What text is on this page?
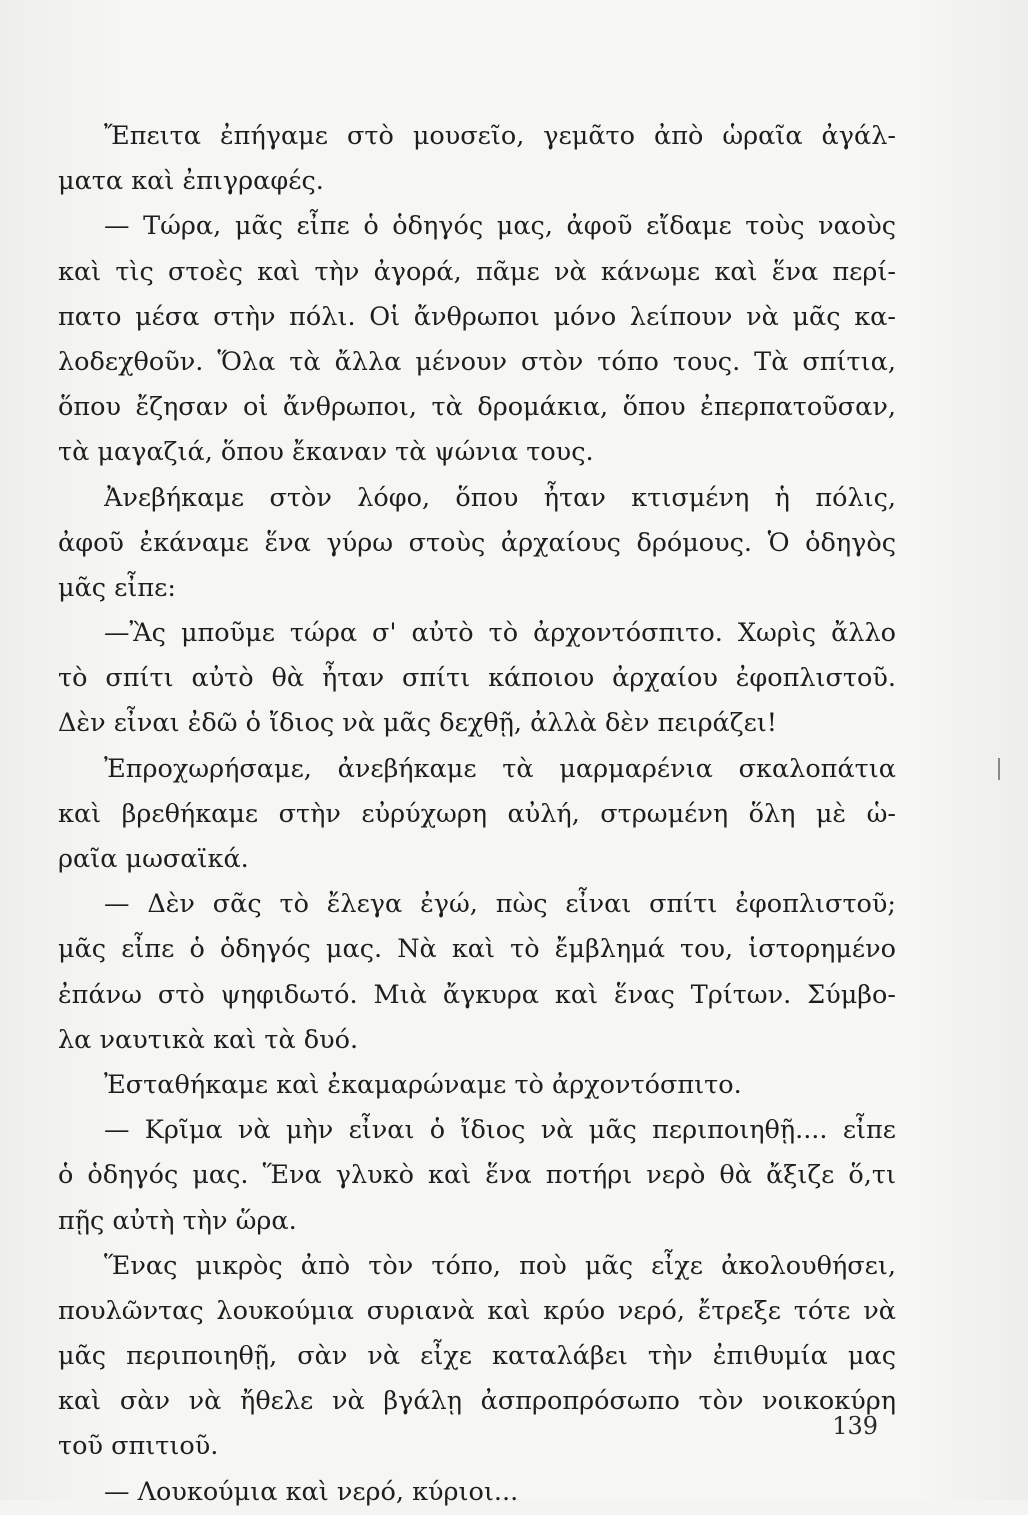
Ἔπειτα ἐπήγαμε στὸ μουσεῖο, γεμᾶτο ἀπὸ ὡραῖα ἀγάλ-
ματα καὶ ἐπιγραφές.
— Τώρα, μᾶς εἶπε ὁ ὁδηγός μας, ἀφοῦ εἴδαμε τοὺς ναοὺς
καὶ τὶς στοὲς καὶ τὴν ἀγορά, πᾶμε νὰ κάνωμε καὶ ἕνα περί-
πατο μέσα στὴν πόλι. Οἱ ἄνθρωποι μόνο λείπουν νὰ μᾶς κα-
λοδεχθοῦν. Ὅλα τὰ ἄλλα μένουν στὸν τόπο τους. Τὰ σπίτια,
ὅπου ἔζησαν οἱ ἄνθρωποι, τὰ δρομάκια, ὅπου ἐπερπατοῦσαν,
τὰ μαγαζιά, ὅπου ἔκαναν τὰ ψώνια τους.
Ἀνεβήκαμε στὸν λόφο, ὅπου ἦταν κτισμένη ἡ πόλις,
ἀφοῦ ἐκάναμε ἕνα γύρω στοὺς ἀρχαίους δρόμους. Ὁ ὁδηγὸς
μᾶς εἶπε:
—Ἂς μποῦμε τώρα σ' αὐτὸ τὸ ἀρχοντόσπιτο. Χωρὶς ἄλλο
τὸ σπίτι αὐτὸ θὰ ἦταν σπίτι κάποιου ἀρχαίου ἐφοπλιστοῦ.
Δὲν εἶναι ἐδῶ ὁ ἴδιος νὰ μᾶς δεχθῇ, ἀλλὰ δὲν πειράζει!
Ἐπροχωρήσαμε, ἀνεβήκαμε τὰ μαρμαρένια σκαλοπάτια
καὶ βρεθήκαμε στὴν εὐρύχωρη αὐλή, στρωμένη ὅλη μὲ ὡ-
ραῖα μωσαϊκά.
— Δὲν σᾶς τὸ ἔλεγα ἐγώ, πὼς εἶναι σπίτι ἐφοπλιστοῦ;
μᾶς εἶπε ὁ ὁδηγός μας. Νὰ καὶ τὸ ἔμβλημά του, ἱστορημένο
ἐπάνω στὸ ψηφιδωτό. Μιὰ ἄγκυρα καὶ ἕνας Τρίτων. Σύμβο-
λα ναυτικὰ καὶ τὰ δυό.
Ἐσταθήκαμε καὶ ἐκαμαρώναμε τὸ ἀρχοντόσπιτο.
— Κρῖμα νὰ μὴν εἶναι ὁ ἴδιος νὰ μᾶς περιποιηθῇ.... εἶπε
ὁ ὁδηγός μας. Ἕνα γλυκὸ καὶ ἕνα ποτήρι νερὸ θὰ ἄξιζε ὅ,τι
πῇς αὐτὴ τὴν ὥρα.
Ἕνας μικρὸς ἀπὸ τὸν τόπο, ποὺ μᾶς εἶχε ἀκολουθήσει,
πουλῶντας λουκούμια συριανὰ καὶ κρύο νερό, ἔτρεξε τότε νὰ
μᾶς περιποιηθῇ, σὰν νὰ εἶχε καταλάβει τὴν ἐπιθυμία μας
καὶ σὰν νὰ ἤθελε νὰ βγάλῃ ἀσπροπρόσωπο τὸν νοικοκύρη
τοῦ σπιτιοῦ.
— Λουκούμια καὶ νερό, κύριοι...
139
